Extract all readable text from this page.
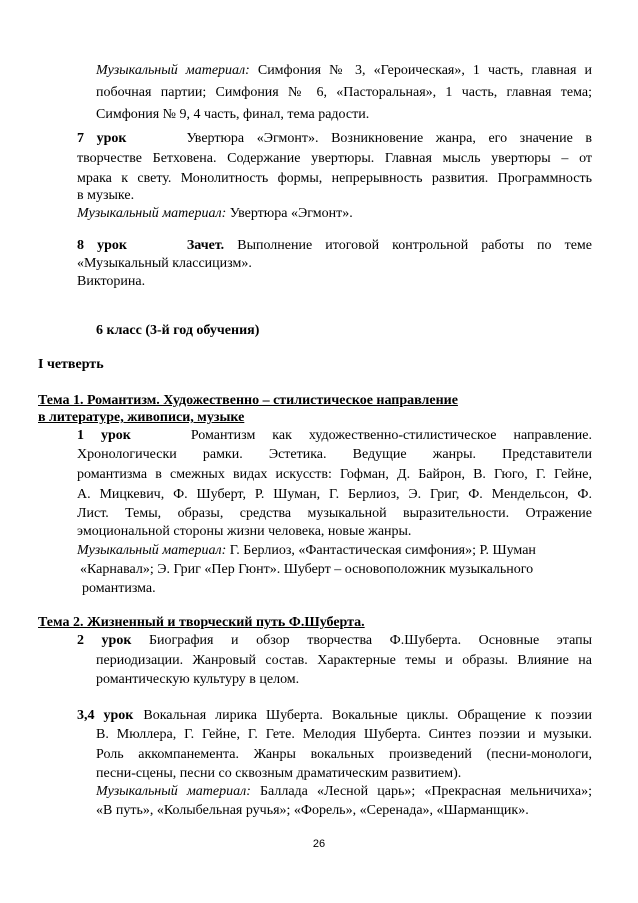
Музыкальный материал: Симфония № 3, «Героическая», 1 часть, главная и
побочная партии; Симфония № 6, «Пасторальная», 1 часть, главная тема;
Симфония № 9, 4 часть, финал, тема радости.
7 урок	Увертюра «Эгмонт». Возникновение жанра, его значение в
творчестве Бетховена. Содержание увертюры. Главная мысль увертюры – от
мрака к свету. Монолитность формы, непрерывность развития. Программность
в музыке.
Музыкальный материал: Увертюра «Эгмонт».
8 урок	Зачет. Выполнение итоговой контрольной работы по теме
«Музыкальный классицизм».
Викторина.
6 класс (3-й год обучения)
I четверть
Тема 1. Романтизм. Художественно – стилистическое направление
в литературе, живописи, музыке
1 урок	Романтизм как художественно-стилистическое направление.
Хронологически рамки. Эстетика. Ведущие жанры. Представители
романтизма в смежных видах искусств: Гофман, Д. Байрон, В. Гюго, Г. Гейне,
А. Мицкевич, Ф. Шуберт, Р. Шуман, Г. Берлиоз, Э. Григ, Ф. Мендельсон, Ф.
Лист. Темы, образы, средства музыкальной выразительности. Отражение
эмоциональной стороны жизни человека, новые жанры.
Музыкальный материал: Г. Берлиоз, «Фантастическая симфония»; Р. Шуман
«Карнавал»; Э. Григ «Пер Гюнт». Шуберт – основоположник музыкального
романтизма.
Тема 2. Жизненный и творческий путь Ф.Шуберта.
2 урок Биография и обзор творчества Ф.Шуберта. Основные этапы
периодизации. Жанровый состав. Характерные темы и образы. Влияние на
романтическую культуру в целом.
3,4 урок Вокальная лирика Шуберта. Вокальные циклы. Обращение к поэзии
В. Мюллера, Г. Гейне, Г. Гете. Мелодия Шуберта. Синтез поэзии и музыки.
Роль аккомпанемента. Жанры вокальных произведений (песни-монологи,
песни-сцены, песни со сквозным драматическим развитием).
Музыкальный материал: Баллада «Лесной царь»; «Прекрасная мельничиха»;
«В путь», «Колыбельная ручья»; «Форель», «Серенада», «Шарманщик».
26
